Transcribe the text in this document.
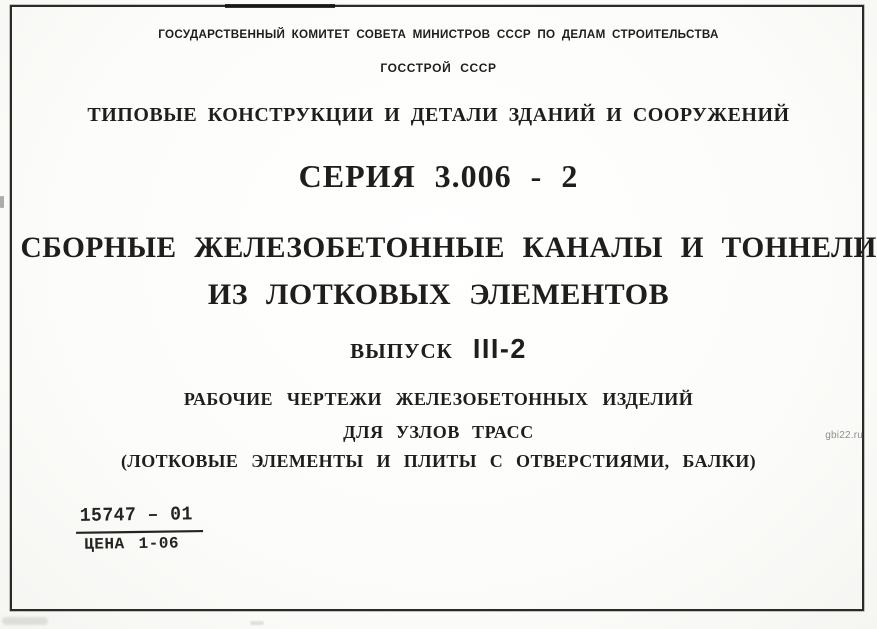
ГОСУДАРСТВЕННЫЙ КОМИТЕТ СОВЕТА МИНИСТРОВ СССР ПО ДЕЛАМ СТРОИТЕЛЬСТВА
ГОССТРОЙ СССР
ТИПОВЫЕ КОНСТРУКЦИИ И ДЕТАЛИ ЗДАНИЙ И СООРУЖЕНИЙ
СЕРИЯ 3.006 - 2
СБОРНЫЕ ЖЕЛЕЗОБЕТОННЫЕ КАНАЛЫ И ТОННЕЛИ
ИЗ ЛОТКОВЫХ ЭЛЕМЕНТОВ
ВЫПУСК III-2
РАБОЧИЕ ЧЕРТЕЖИ ЖЕЛЕЗОБЕТОННЫХ ИЗДЕЛИЙ
ДЛЯ УЗЛОВ ТРАСС
(ЛОТКОВЫЕ ЭЛЕМЕНТЫ И ПЛИТЫ С ОТВЕРСТИЯМИ, БАЛКИ)
15747 – 01
ЦЕНА 1-06
gbi22.ru
